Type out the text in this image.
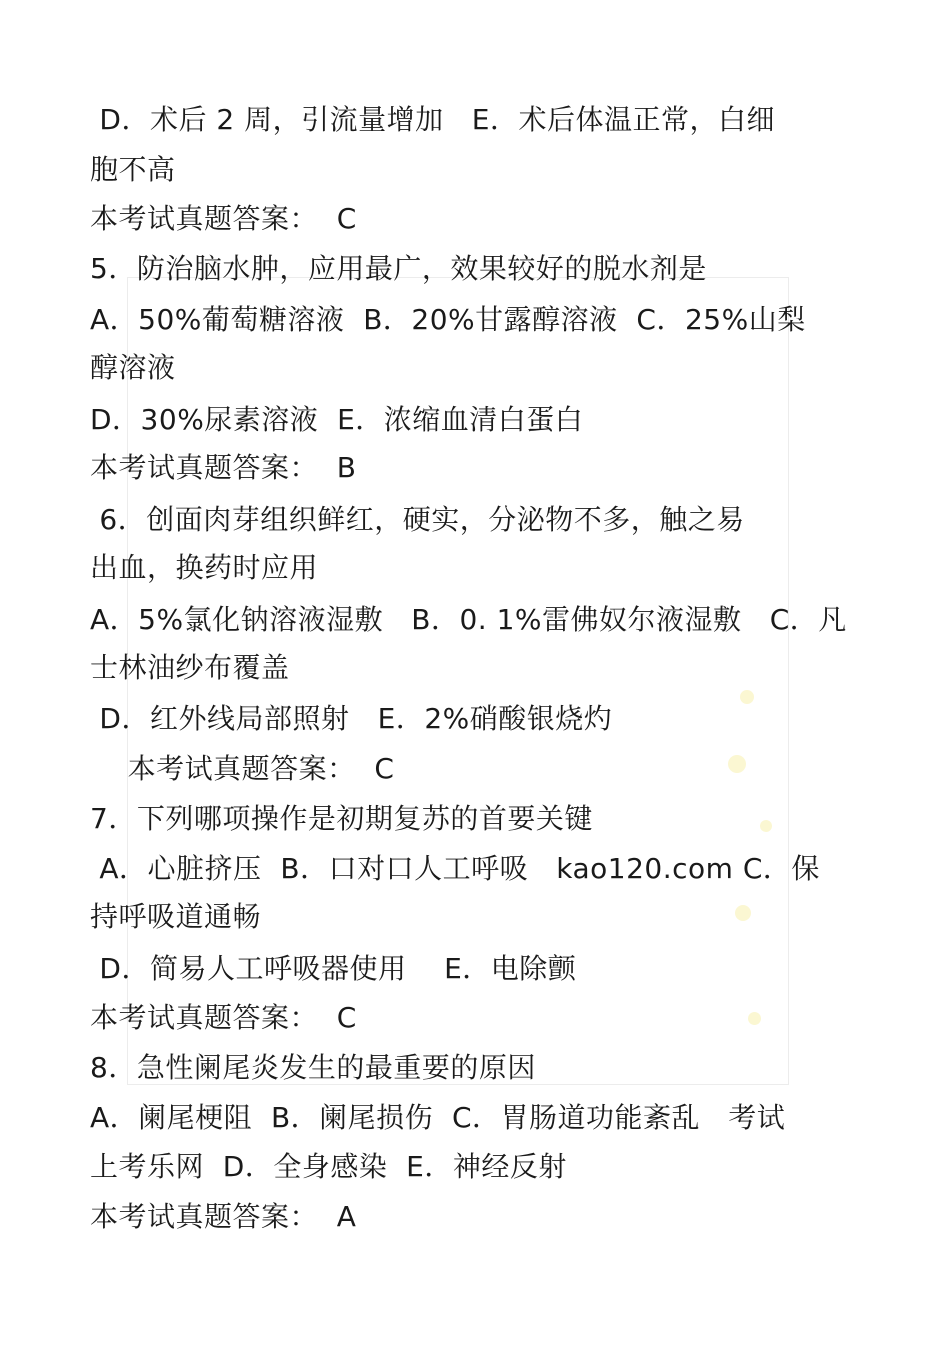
D．术后 2 周，引流量增加   E．术后体温正常，白细
胞不高
本考试真题答案：  C
5．防治脑水肿，应用最广，效果较好的脱水剂是
A．50%葡萄糖溶液  B．20%甘露醇溶液  C．25%山梨
醇溶液
D．30%尿素溶液  E．浓缩血清白蛋白
本考试真题答案：  B
6．创面肉芽组织鲜红，硬实，分泌物不多，触之易
出血，换药时应用
A．5%氯化钠溶液湿敷   B．0. 1%雷佛奴尔液湿敷   C．凡
士林油纱布覆盖
D．红外线局部照射   E．2%硝酸银烧灼
本考试真题答案：  C
7．下列哪项操作是初期复苏的首要关键
A．心脏挤压  B．口对口人工呼吸   kao120.com C．保
持呼吸道通畅
D．简易人工呼吸器使用    E．电除颤
本考试真题答案：  C
8．急性阑尾炎发生的最重要的原因
A．阑尾梗阻  B．阑尾损伤  C．胃肠道功能紊乱   考试
上考乐网  D．全身感染  E．神经反射
本考试真题答案：  A
